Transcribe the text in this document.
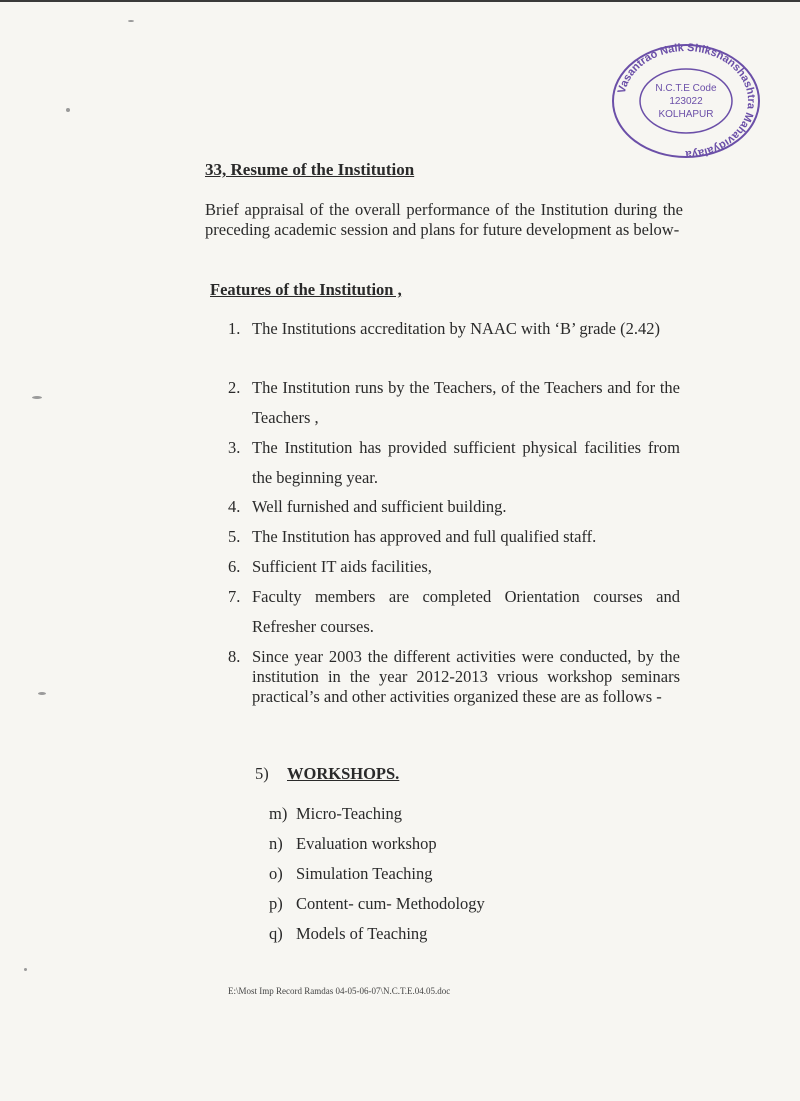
Vasantrao Naik Shikshanshashtra Mahavidyalaya
N.C.T.E Code
123022
KOLHAPUR
33, Resume of the Institution

Brief appraisal of the overall performance of the Institution during the preceding academic session and plans for future development as below-

Features of the Institution ,
1. The Institutions accreditation by NAAC with ‘B’ grade (2.42)

2. The Institution runs by the Teachers, of the Teachers and for the Teachers ,

3. The Institution has provided sufficient physical facilities from the beginning year.

4. Well furnished and sufficient building.

5. The Institution has approved and full qualified staff.

6. Sufficient IT aids facilities,

7. Faculty members are completed Orientation courses and Refresher courses.

8. Since year 2003 the different activities were conducted, by the institution in the year 2012-2013 vrious workshop seminars practical’s and other activities organized these are as follows -

5) WORKSHOPS.
m) Micro-Teaching
n) Evaluation workshop
o) Simulation Teaching
p) Content- cum- Methodology
q) Models of Teaching

E:\Most Imp Record Ramdas 04-05-06-07\N.C.T.E.04.05.doc
